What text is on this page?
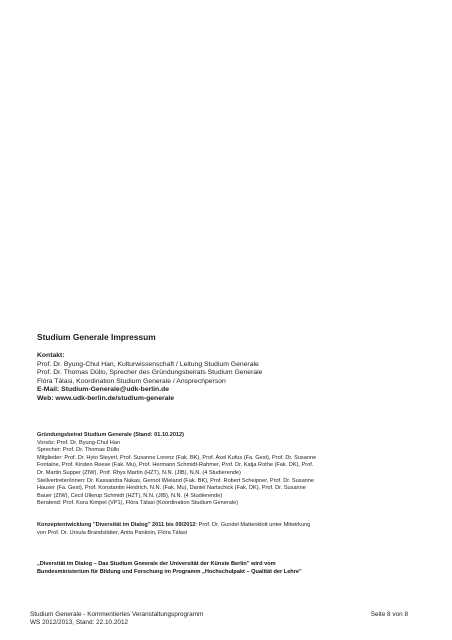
Studium Generale Impressum
Kontakt:
Prof. Dr. Byung-Chul Han, Kulturwissenschaft / Leitung Studium Generale
Prof. Dr. Thomas Düllo, Sprecher des Gründungsbeirats Studium Generale
Flóra Tálasi, Koordination Studium Generale / Ansprechperson
E-Mail: Studium-Generale@udk-berlin.de
Web: www.udk-berlin.de/studium-generale
Gründungsbeirat Studium Generale (Stand: 01.10.2012)
Vorsitz: Prof. Dr. Byung-Chul Han
Sprecher: Prof. Dr. Thomas Düllo
Mitglieder: Prof. Dr. Hyto Steyerl, Prof. Susanne Lorenz (Fak. BK), Prof. Axel Kufus (Fa. Gest), Prof. Dr. Susanne
Fontaine, Prof. Kirsten Reese (Fak. Mu), Prof. Hermann Schmidt-Rahmer, Prof. Dr. Katja Rothe (Fak. DK), Prof.
Dr. Martin Supper (ZIW), Prof. Rhys Martin (HZT), N.N. (JIB), N.N. (4 Studierende)
Stellvertreter/innen: Dr. Kassandra Nakas, Gernot Wieland (Fak. BK), Prof. Robert Scheipner, Prof. Dr. Susanne
Hauser (Fa. Gest), Prof. Konstantin Heidrich, N.N. (Fak. Mu), Daniel Nartschick (Fak. DK), Prof. Dr. Susanne
Bauer (ZIW), Cecil Ullerup Schmidt (HZT), N.N. (JIB), N.N. (4 Studierende)
Beratend: Prof. Kora Kimpel (VP1), Flóra Tálasi (Koordination Studium Generale)
Konzeptentwicklung "Diversität im Dialog" 2011 bis 09/2012: Prof. Dr. Gundel Mattenklott unter Mitwirkung
von Prof. Dr. Ursula Brandstätter, Anita Panknin, Flóra Tálasi
„Diversität im Dialog – Das Studium Gneerale der Universität der Künste Berlin" wird vom
Bundesministerium für Bildung und Forschung im Programm „Hochschulpakt – Qualität der Lehre"
Studium Generale - Kommentiertes Veranstaltungsprogramm
WS 2012/2013, Stand: 22.10.2012
Seite 8 von 8
